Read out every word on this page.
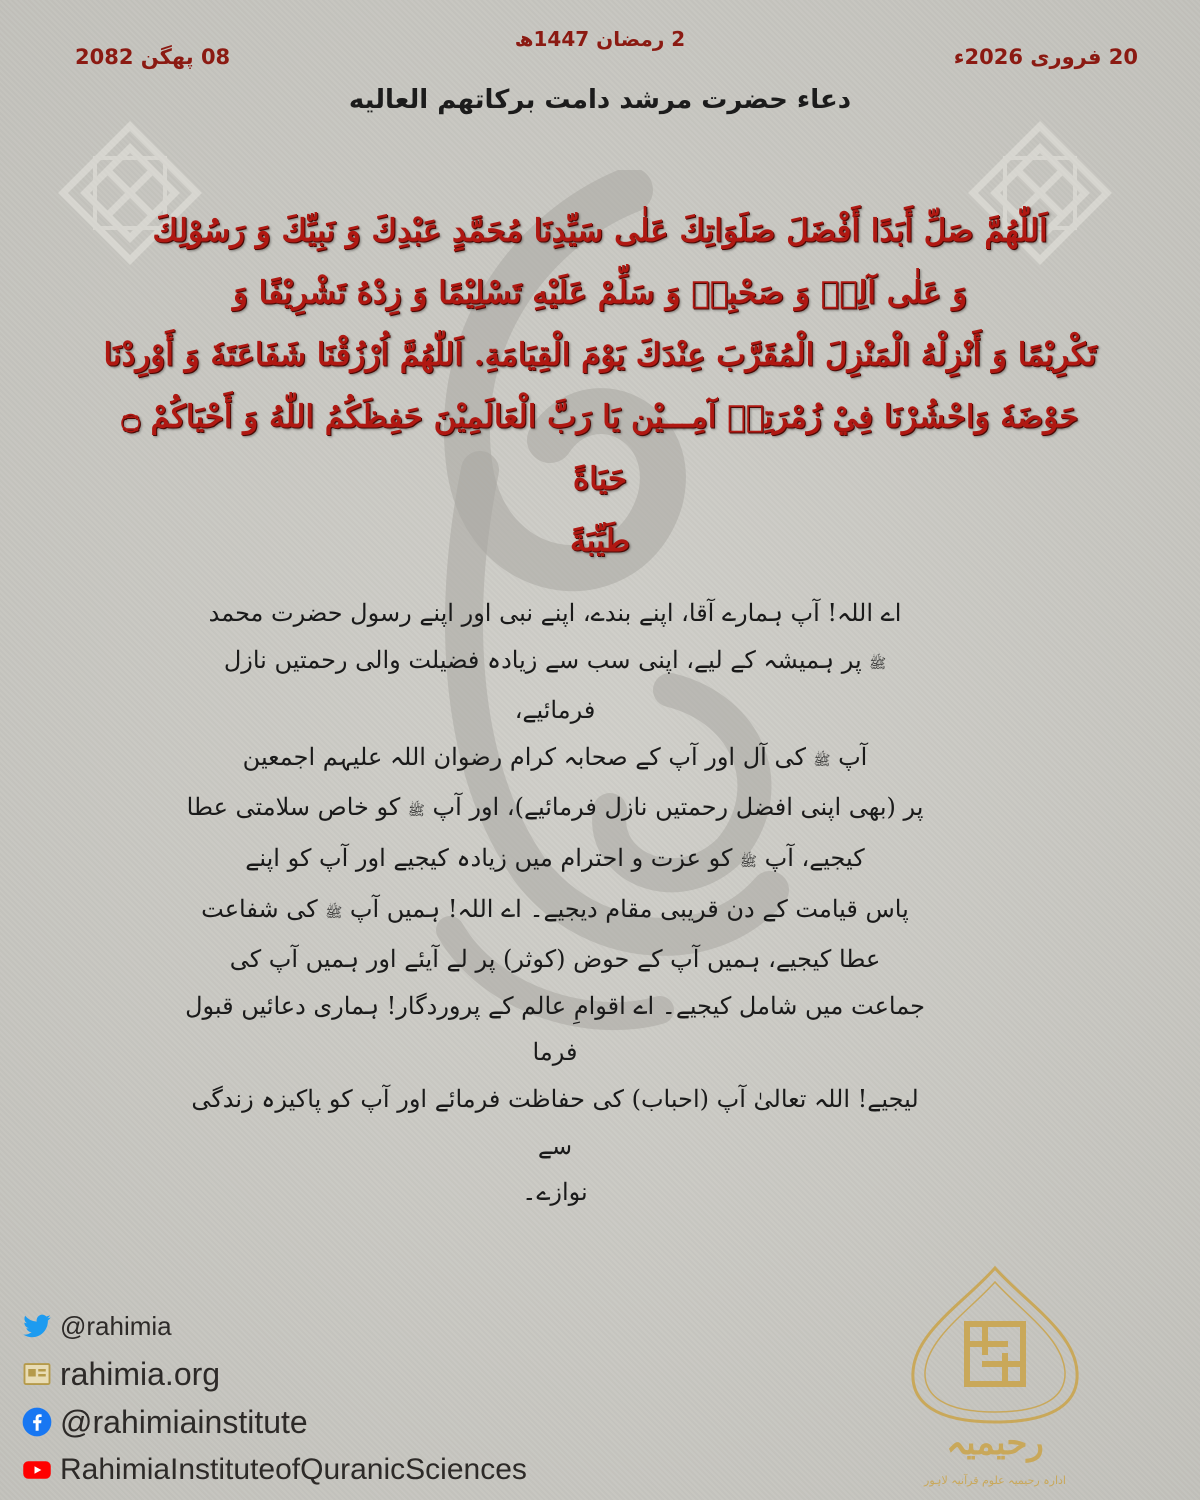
20 فروری 2026ء
2 رمضان 1447ھ
08 پھگن 2082
دعاء حضرت مرشد دامت برکاتهم العاليه
اَللّٰهُمَّ صَلِّ أَبَدًا أَفْضَلَ صَلَوَاتِكَ عَلٰى سَيِّدِنَا مُحَمَّدٍ عَبْدِكَ وَ نَبِيِّكَ وَ رَسُوْلِكَ
وَ عَلٰى آلِهٖ وَ صَحْبِهٖ وَ سَلِّمْ عَلَيْهِ تَسْلِيْمًا وَ زِدْهُ تَشْرِيْفًا وَ
تَكْرِيْمًا وَ أَنْزِلْهُ الْمَنْزِلَ الْمُقَرَّبَ عِنْدَكَ يَوْمَ الْقِيَامَةِ. اَللّٰهُمَّ اُرْزُقْنَا شَفَاعَتَهٗ وَ أَوْرِدْنَا
حَوْضَهٗ وَاحْشُرْنَا فِيْ زُمْرَتِهٖ آمِـــيْن يَا رَبَّ الْعَالَمِيْنَ حَفِظَكُمُ اللّٰهُ وَ أَحْيَاكُمْ ۝ حَيَاةً
طَيِّبَةً

اے اللہ! آپ ہمارے آقا، اپنے بندے، اپنے نبی اور اپنے رسول حضرت محمد

ﷺ پر ہمیشہ کے لیے، اپنی سب سے زیادہ فضیلت والی رحمتیں نازل فرمائیے،

آپ ﷺ کی آل اور آپ کے صحابہ کرام رضوان اللہ علیہم اجمعین

پر (بھی اپنی افضل رحمتیں نازل فرمائیے)، اور آپ ﷺ کو خاص سلامتی عطا

کیجیے، آپ ﷺ کو عزت و احترام میں زیادہ کیجیے اور آپ کو اپنے

پاس قیامت کے دن قریبی مقام دیجیے۔ اے اللہ! ہمیں آپ ﷺ کی شفاعت

عطا کیجیے، ہمیں آپ کے حوض (کوثر) پر لے آیئے اور ہمیں آپ کی

جماعت میں شامل کیجیے۔ اے اقوامِ عالم کے پروردگار! ہماری دعائیں قبول فرما

لیجیے! اللہ تعالیٰ آپ (احباب) کی حفاظت فرمائے اور آپ کو پاکیزہ زندگی سے

نوازے۔

@rahimia
rahimia.org
@rahimiainstitute
RahimiaInstituteofQuranicSciences
رحیمیہ
ادارہ رحیمیہ علوم قرآنیہ لاہور
